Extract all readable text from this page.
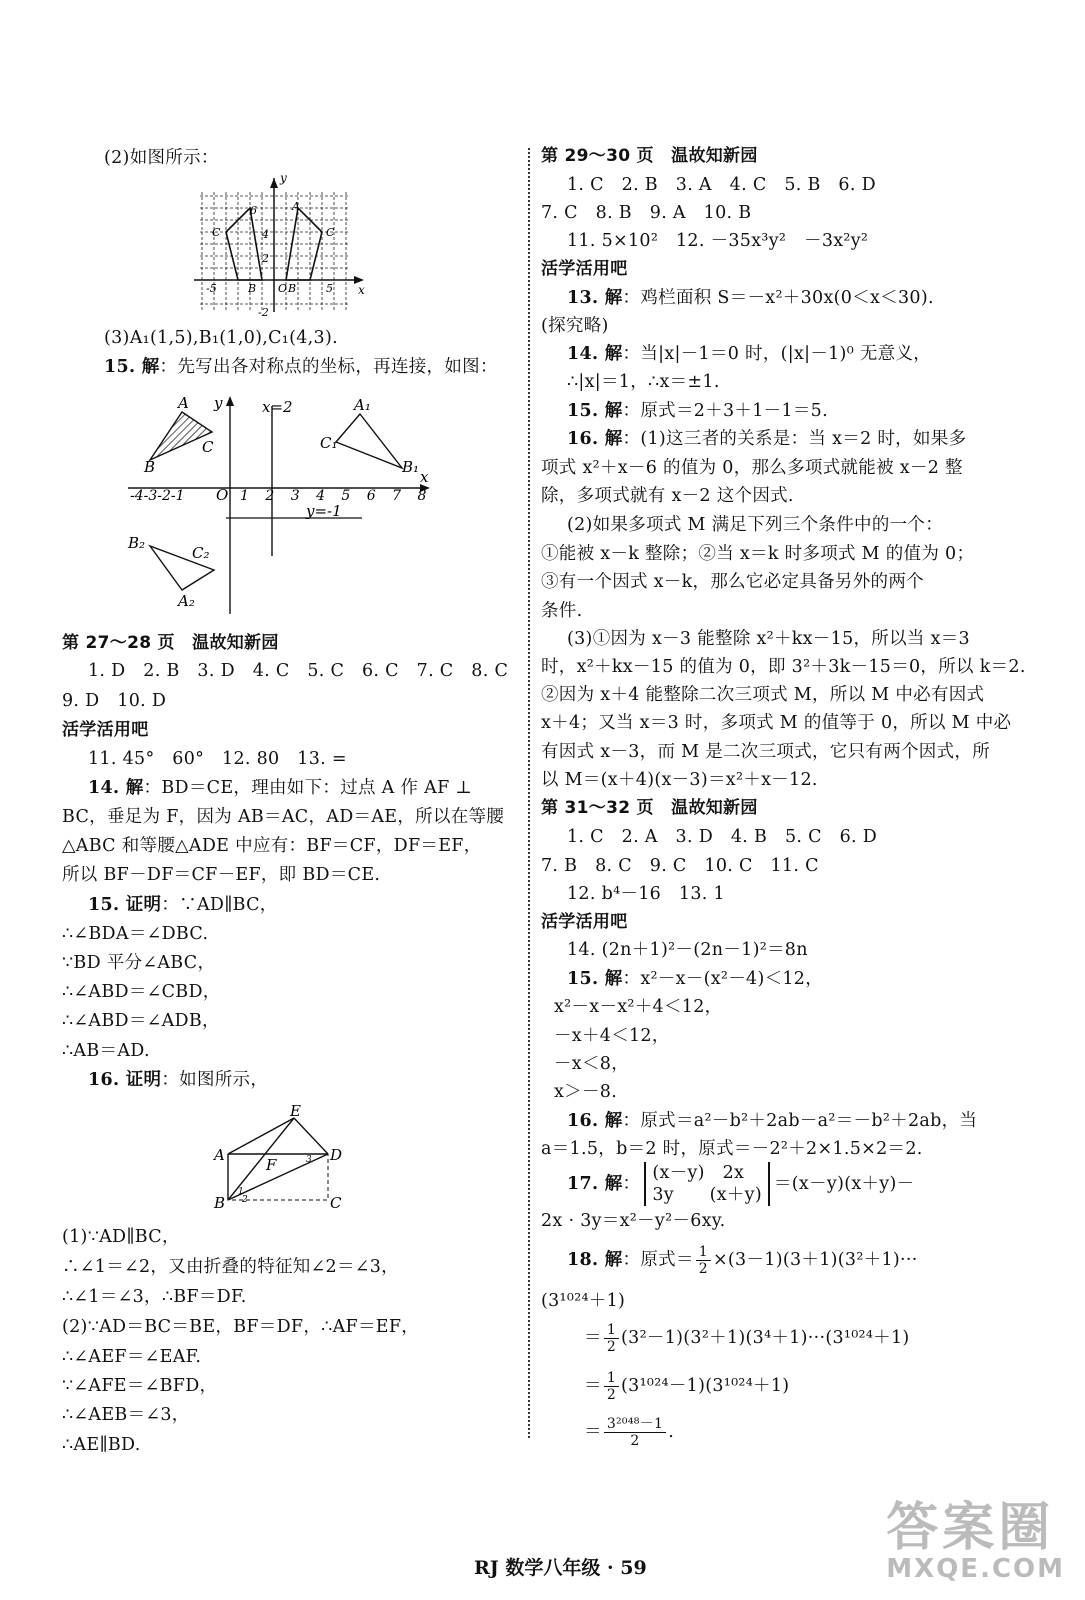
(2)如图所示：
y
x
6
4
2
-2
-5	5
C
A
B O B
C
(3)A₁(1,5),B₁(1,0),C₁(4,3).
15. 解：先写出各对称点的坐标，再连接，如图：
A
B
C
A₁
B₁
C₁
A₂
B₂
C₂
x=2
y=-1
y
x
O
-4-3-2-1	1 2 3 4 5 6 7 8
第 27～28 页　温故知新园
1. D　2. B　3. D　4. C　5. C　6. C　7. C　8. C
9. D　10. D
活学活用吧
11. 45°　60°　12. 80　13. =
14. 解：BD＝CE，理由如下：过点 A 作 AF ⊥
BC，垂足为 F，因为 AB＝AC，AD＝AE，所以在等腰
△ABC 和等腰△ADE 中应有：BF＝CF，DF＝EF，
所以 BF－DF＝CF－EF，即 BD＝CE.
15. 证明：∵AD∥BC，
∴∠BDA＝∠DBC.
∵BD 平分∠ABC，
∴∠ABD＝∠CBD，
∴∠ABD＝∠ADB，
∴AB＝AD.
16. 证明：如图所示，
E
A	D
B	C
F
1
2
3
(1)∵AD∥BC，
∴∠1＝∠2，又由折叠的特征知∠2＝∠3，
∴∠1＝∠3，∴BF＝DF.
(2)∵AD＝BC＝BE，BF＝DF，∴AF＝EF，
∴∠AEF＝∠EAF.
∵∠AFE＝∠BFD，
∴∠AEB＝∠3，
∴AE∥BD.
第 29～30 页　温故知新园
1. C　2. B　3. A　4. C　5. B　6. D
7. C　8. B　9. A　10. B
11. 5×10²　12. －35x³y²　－3x²y²
活学活用吧
13. 解：鸡栏面积 S＝－x²＋30x(0＜x＜30).
(探究略)
14. 解：当|x|－1＝0 时，(|x|－1)⁰ 无意义，
∴|x|＝1，∴x＝±1.
15. 解：原式＝2＋3＋1－1＝5.
16. 解：(1)这三者的关系是：当 x＝2 时，如果多
项式 x²＋x－6 的值为 0，那么多项式就能被 x－2 整
除，多项式就有 x－2 这个因式.
(2)如果多项式 M 满足下列三个条件中的一个：
①能被 x－k 整除；②当 x＝k 时多项式 M 的值为 0；
③有一个因式 x－k，那么它必定具备另外的两个
条件.
(3)①因为 x－3 能整除 x²＋kx－15，所以当 x＝3
时，x²＋kx－15 的值为 0，即 3²＋3k－15＝0，所以 k＝2.
②因为 x＋4 能整除二次三项式 M，所以 M 中必有因式
x＋4；又当 x＝3 时，多项式 M 的值等于 0，所以 M 中必
有因式 x－3，而 M 是二次三项式，它只有两个因式，所
以 M＝(x＋4)(x－3)＝x²＋x－12.
第 31～32 页　温故知新园
1. C　2. A　3. D　4. B　5. C　6. D
7. B　8. C　9. C　10. C　11. C
12. b⁴－16　13. 1
活学活用吧
14. (2n＋1)²－(2n－1)²＝8n
15. 解：x²－x－(x²－4)＜12，
x²－x－x²＋4＜12，
－x＋4＜12，
－x＜8，
x＞－8.
16. 解：原式＝a²－b²＋2ab－a²＝－b²＋2ab，当
a＝1.5，b＝2 时，原式＝－2²＋2×1.5×2＝2.
17. 解：
(x－y)　2x
3y　　(x＋y)
＝(x－y)(x＋y)－
2x · 3y＝x²－y²－6xy.
18. 解：原式＝ $\frac{1}{2} \times(3-1)(3+1)(3^2+1)\cdot\cdot\cdot$
(3¹⁰²⁴＋1)
＝ $\frac{1}{2} (3^2-1)(3^2+1)(3^4+1)\cdot\cdot\cdot(3^{1024}+1)$
＝ $\frac{1}{2} (3^{1024}-1)(3^{1024}+1)$
＝ $\frac{\text{3²⁰⁴⁸－1}}{2}$ .
RJ 数学八年级 · 59
答案圈
MXQE.COM
